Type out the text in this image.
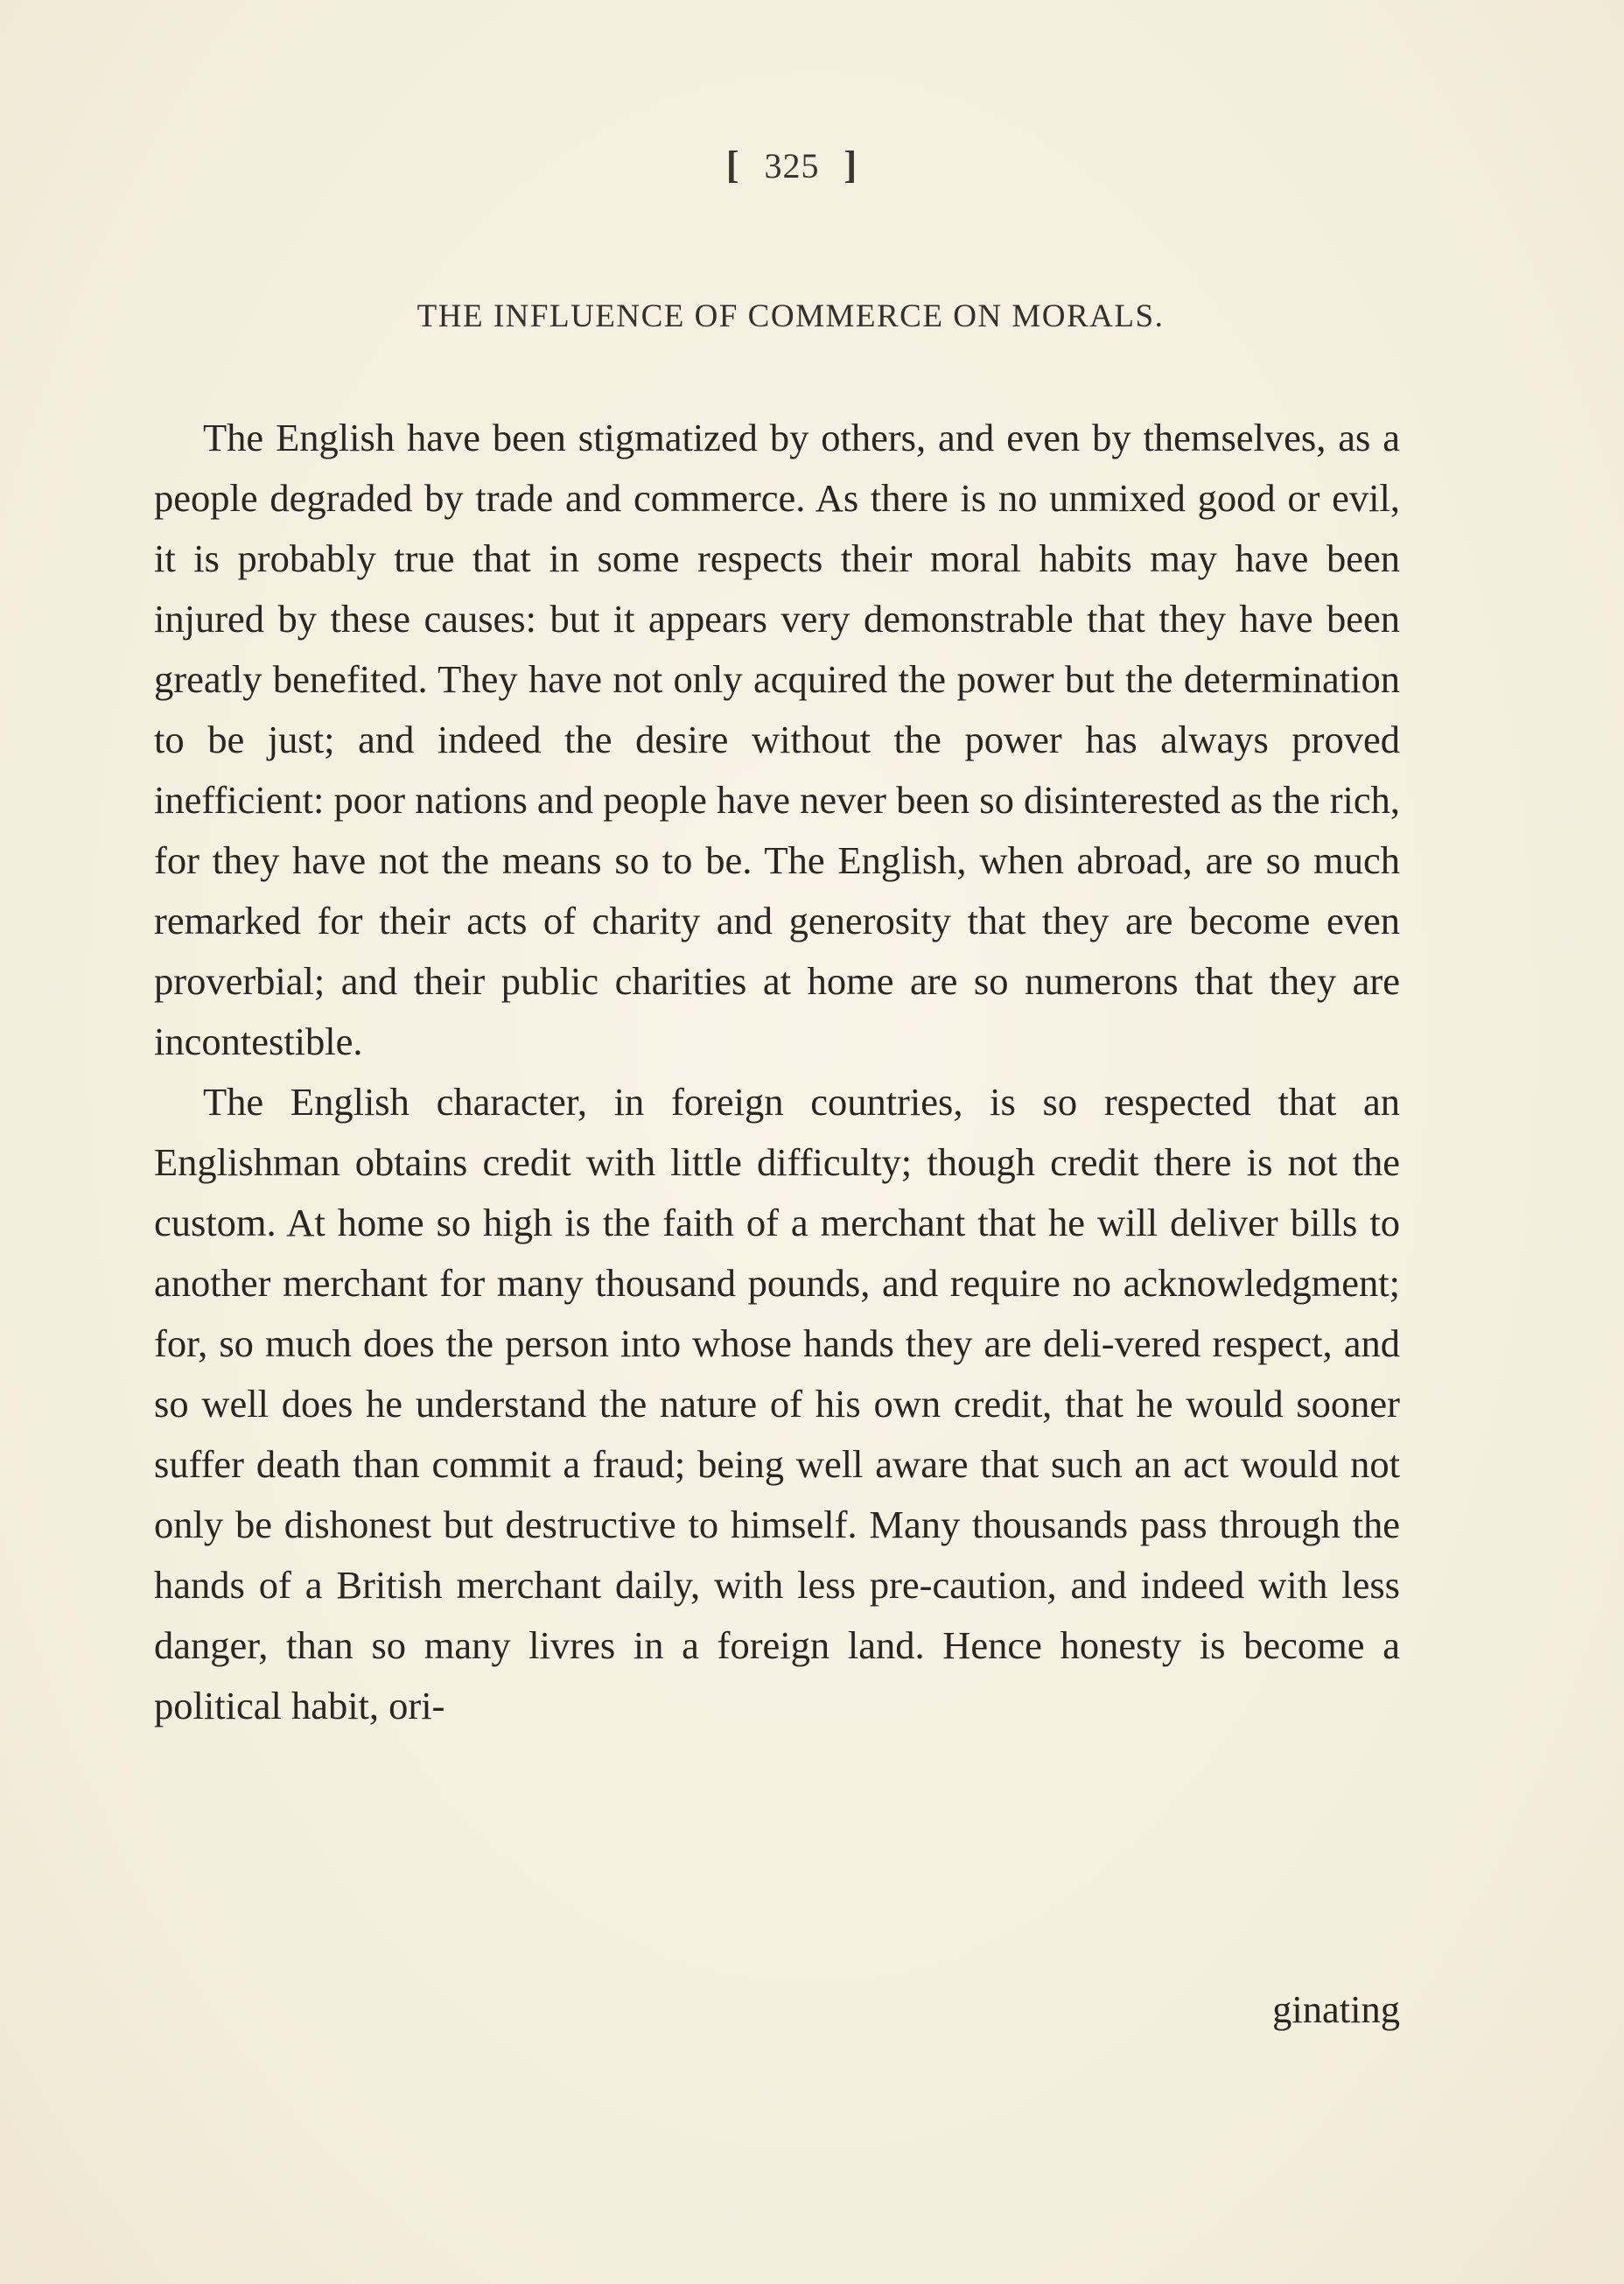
[ 325 ]
THE INFLUENCE OF COMMERCE ON MORALS.

The English have been stigmatized by others, and even by themselves, as a people degraded by trade and commerce. As there is no unmixed good or evil, it is probably true that in some respects their moral habits may have been injured by these causes: but it appears very demonstrable that they have been greatly benefited. They have not only acquired the power but the determination to be just; and indeed the desire without the power has always proved inefficient: poor nations and people have never been so disinterested as the rich, for they have not the means so to be. The English, when abroad, are so much remarked for their acts of charity and generosity that they are become even proverbial; and their public charities at home are so numerons that they are incontestible.

The English character, in foreign countries, is so respected that an Englishman obtains credit with little difficulty; though credit there is not the custom. At home so high is the faith of a merchant that he will deliver bills to another merchant for many thousand pounds, and require no acknowledgment; for, so much does the person into whose hands they are deli-vered respect, and so well does he understand the nature of his own credit, that he would sooner suffer death than commit a fraud; being well aware that such an act would not only be dishonest but destructive to himself. Many thousands pass through the hands of a British merchant daily, with less pre-caution, and indeed with less danger, than so many livres in a foreign land. Hence honesty is become a political habit, ori-

ginating
